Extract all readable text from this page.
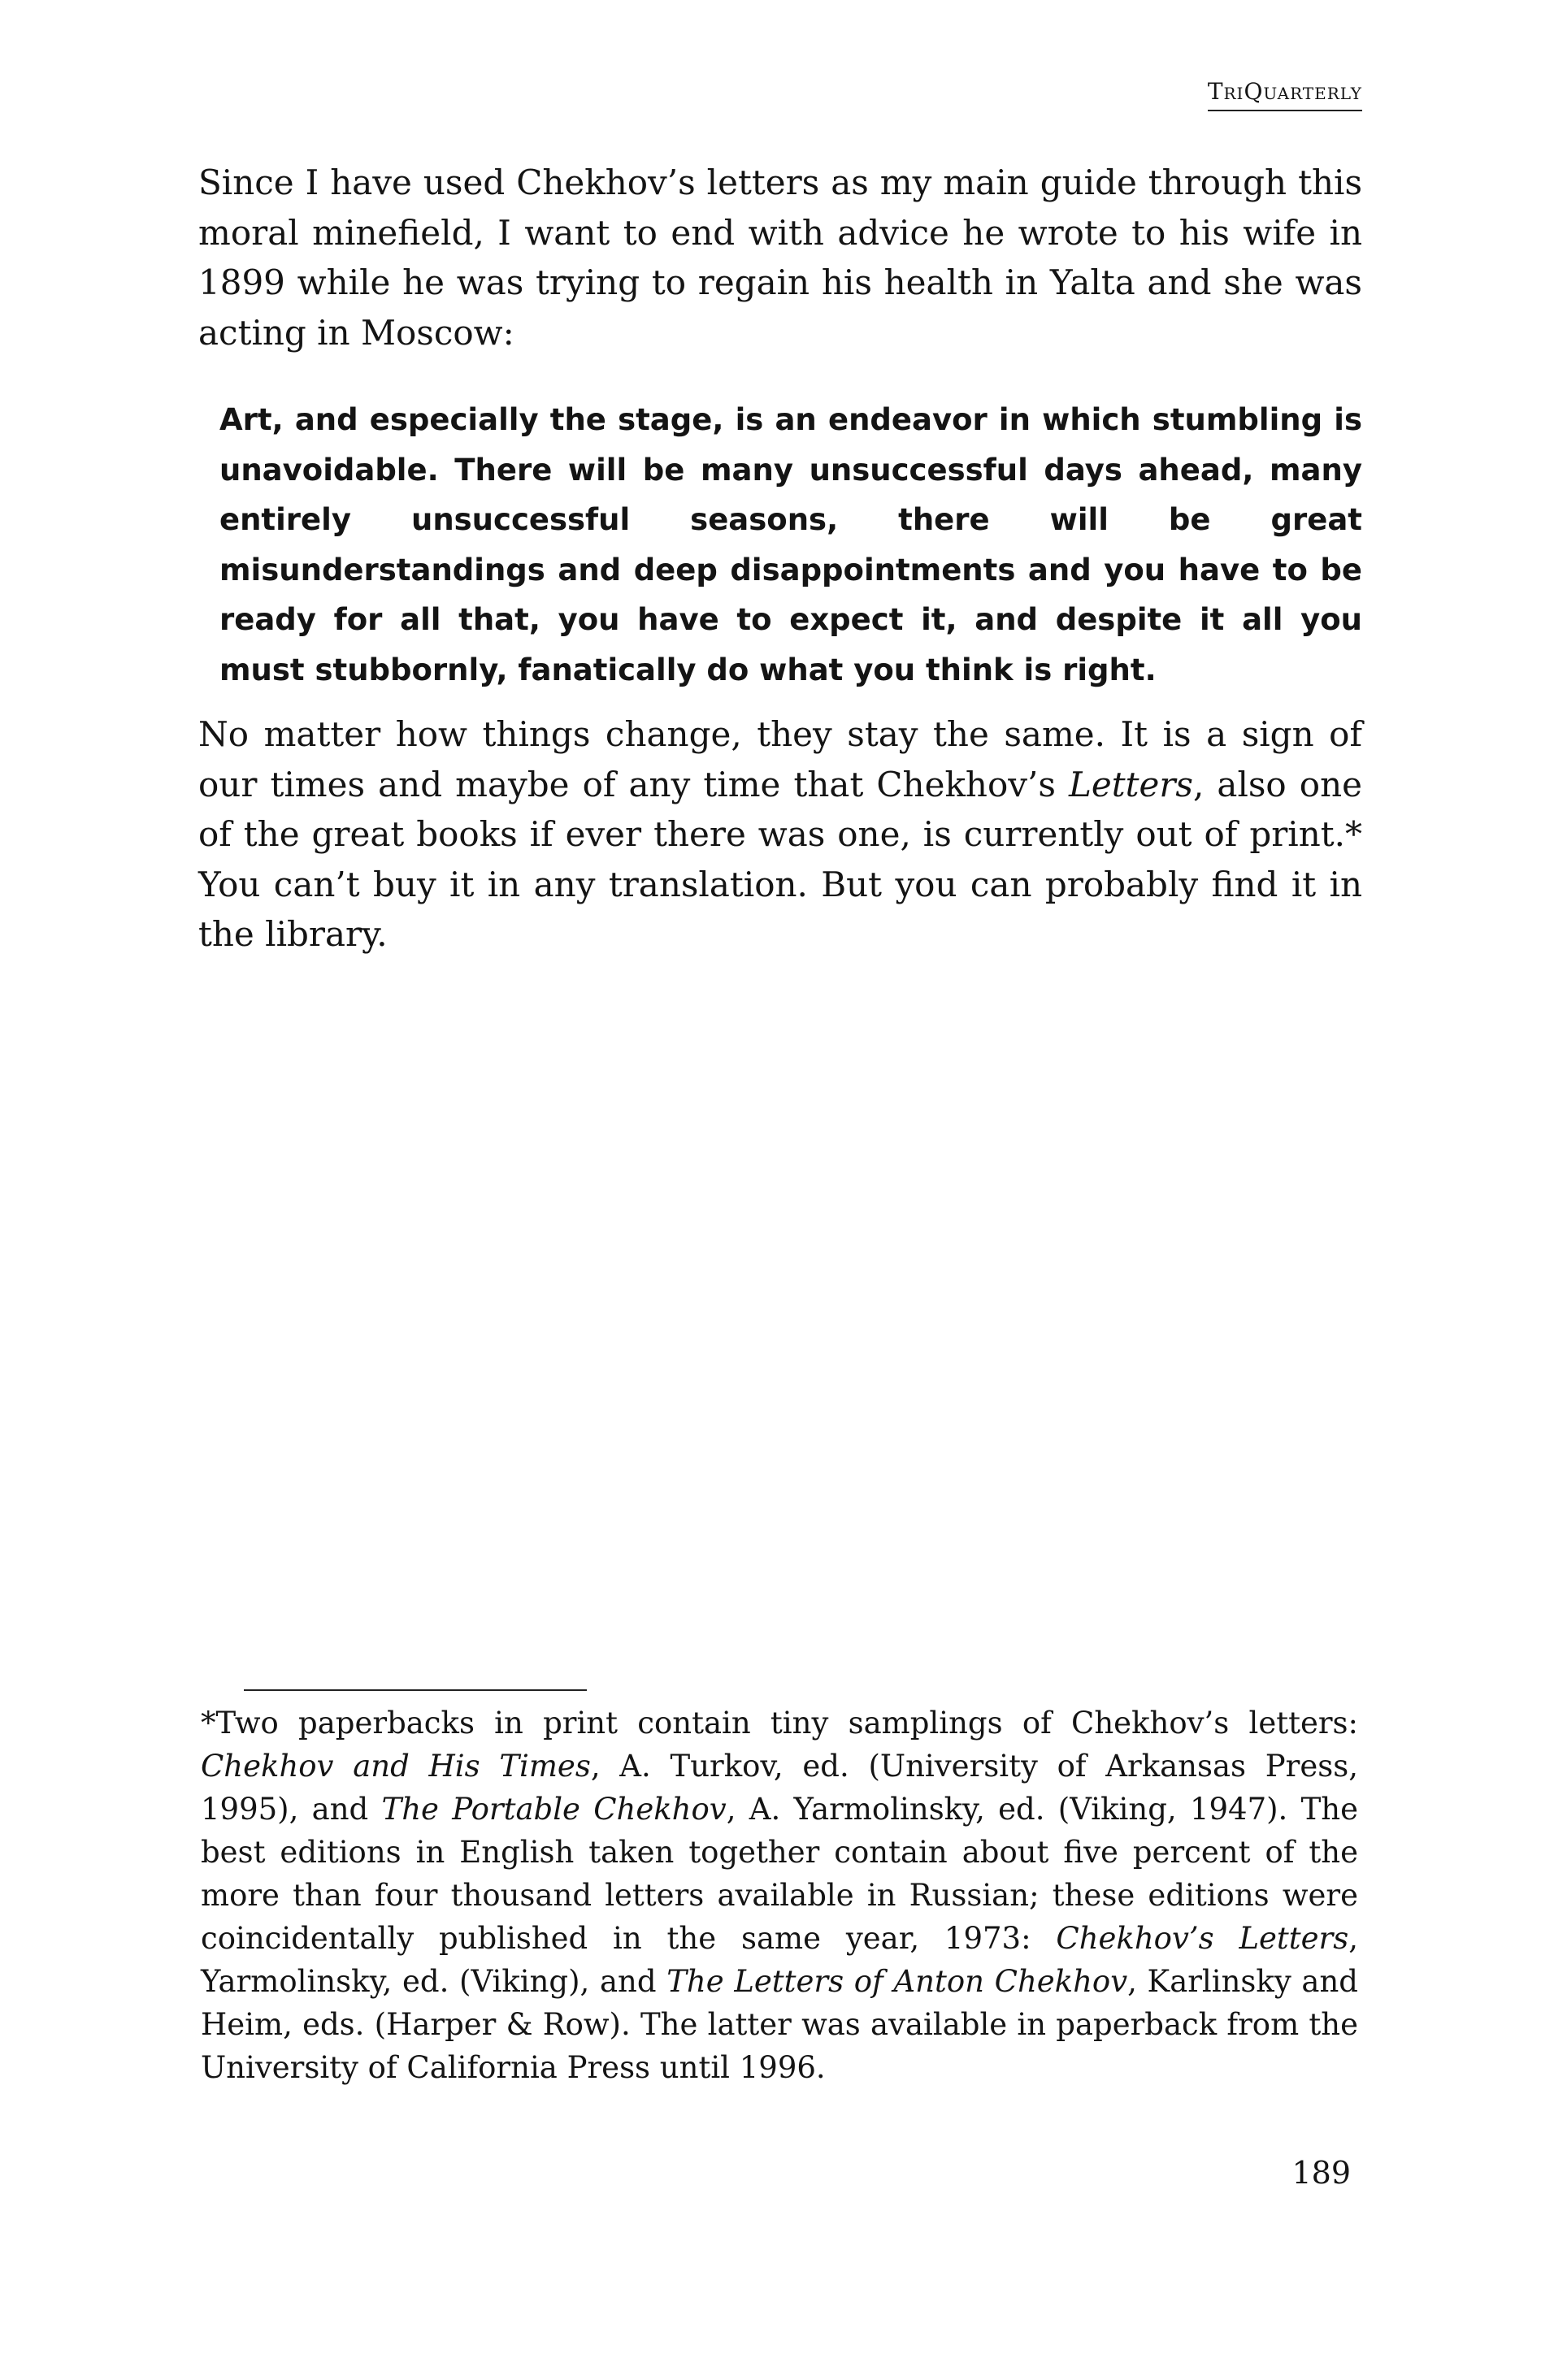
TriQuarterly

Since I have used Chekhov’s letters as my main guide through this moral minefield, I want to end with advice he wrote to his wife in 1899 while he was trying to regain his health in Yalta and she was acting in Moscow:

Art, and especially the stage, is an endeavor in which stumbling is unavoidable. There will be many unsuccessful days ahead, many entirely unsuccessful seasons, there will be great misunderstandings and deep disappointments and you have to be ready for all that, you have to expect it, and despite it all you must stubbornly, fanatically do what you think is right.

No matter how things change, they stay the same. It is a sign of our times and maybe of any time that Chekhov’s Letters, also one of the great books if ever there was one, is currently out of print.* You can’t buy it in any translation. But you can probably find it in the library.

*Two paperbacks in print contain tiny samplings of Chekhov’s letters: Chekhov and His Times, A. Turkov, ed. (University of Arkansas Press, 1995), and The Portable Chekhov, A. Yarmolinsky, ed. (Viking, 1947). The best editions in English taken together contain about five percent of the more than four thousand letters available in Russian; these editions were coincidentally published in the same year, 1973: Chekhov’s Letters, Yarmolinsky, ed. (Viking), and The Letters of Anton Chekhov, Karlinsky and Heim, eds. (Harper & Row). The latter was available in paperback from the University of California Press until 1996.

189
